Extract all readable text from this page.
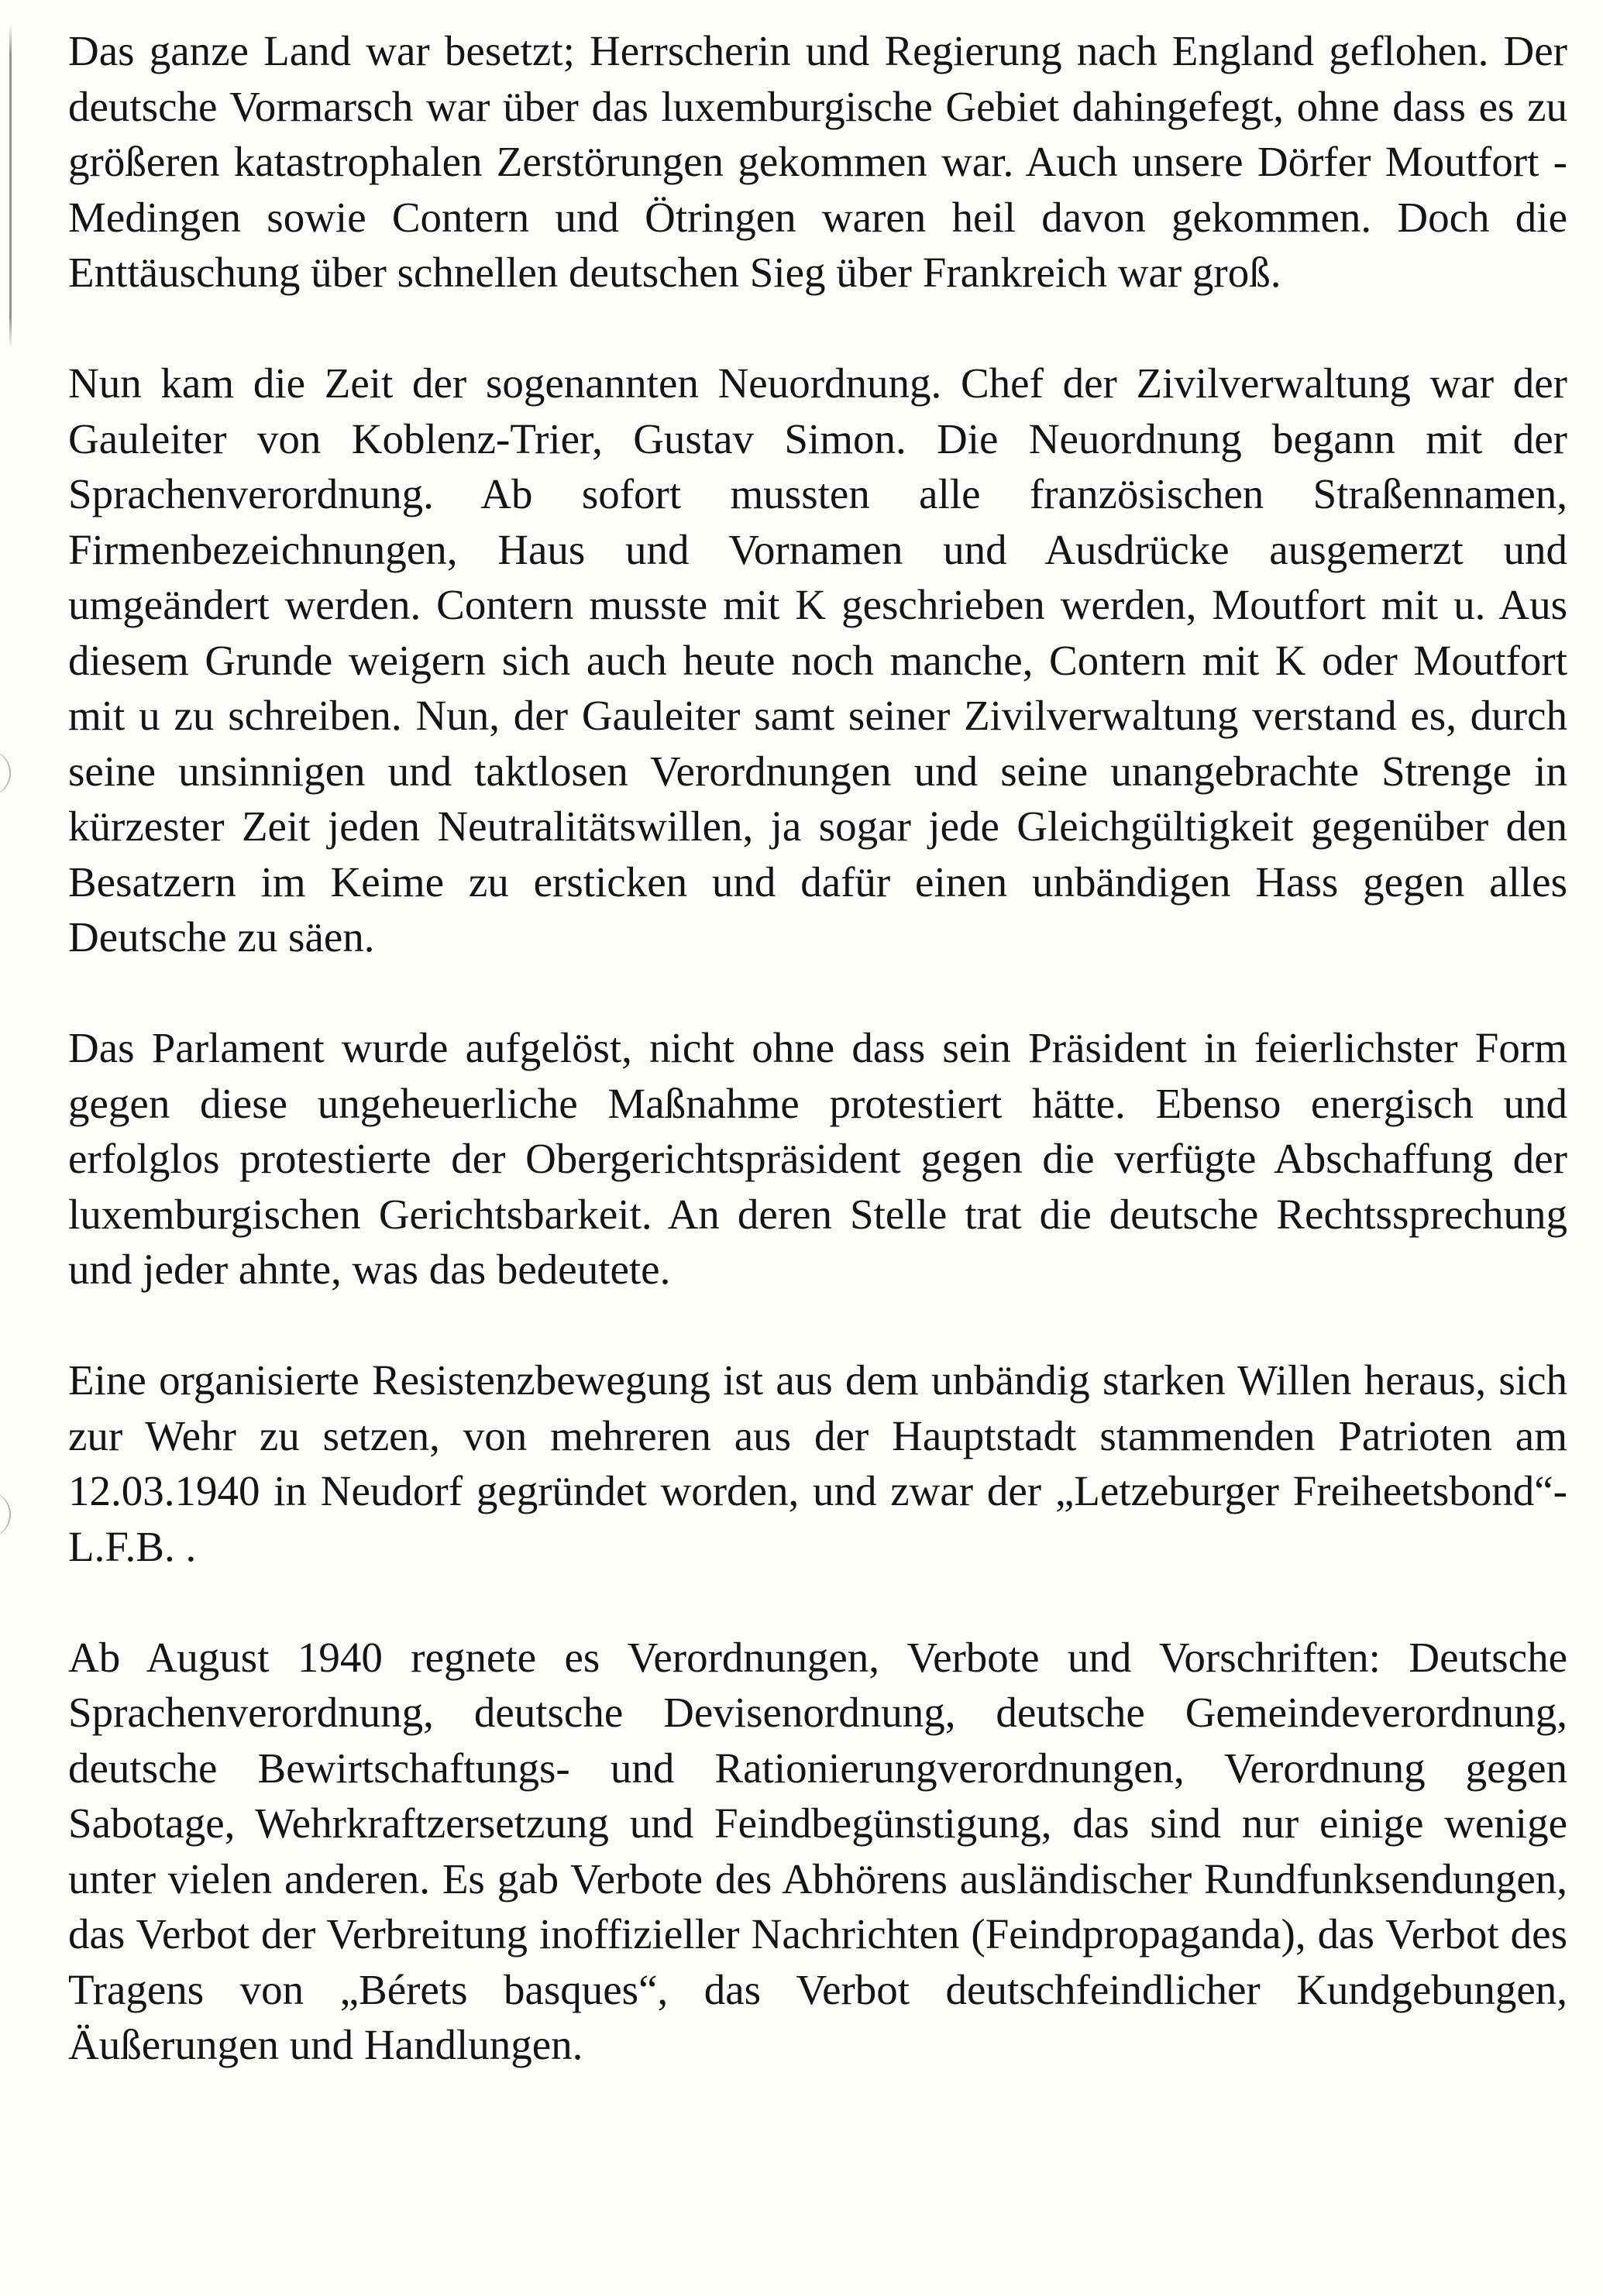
Das ganze Land war besetzt; Herrscherin und Regierung nach England geflohen. Der deutsche Vormarsch war über das luxemburgische Gebiet dahingefegt, ohne dass es zu größeren katastrophalen Zerstörungen gekommen war. Auch unsere Dörfer Moutfort - Medingen sowie Contern und Ötringen waren heil davon gekommen. Doch die Enttäuschung über schnellen deutschen Sieg über Frankreich war groß.

Nun kam die Zeit der sogenannten Neuordnung. Chef der Zivilverwaltung war der Gauleiter von Koblenz-Trier, Gustav Simon. Die Neuordnung begann mit der Sprachenverordnung. Ab sofort mussten alle französischen Straßennamen, Firmenbezeichnungen, Haus und Vornamen und Ausdrücke ausgemerzt und umgeändert werden. Contern musste mit K geschrieben werden, Moutfort mit u. Aus diesem Grunde weigern sich auch heute noch manche, Contern mit K oder Moutfort mit u zu schreiben. Nun, der Gauleiter samt seiner Zivilverwaltung verstand es, durch seine unsinnigen und taktlosen Verordnungen und seine unangebrachte Strenge in kürzester Zeit jeden Neutralitätswillen, ja sogar jede Gleichgültigkeit gegenüber den Besatzern im Keime zu ersticken und dafür einen unbändigen Hass gegen alles Deutsche zu säen.

Das Parlament wurde aufgelöst, nicht ohne dass sein Präsident in feierlichster Form gegen diese ungeheuerliche Maßnahme protestiert hätte. Ebenso energisch und erfolglos protestierte der Obergerichtspräsident gegen die verfügte Abschaffung der luxemburgischen Gerichtsbarkeit. An deren Stelle trat die deutsche Rechtssprechung und jeder ahnte, was das bedeutete.

Eine organisierte Resistenzbewegung ist aus dem unbändig starken Willen heraus, sich zur Wehr zu setzen, von mehreren aus der Hauptstadt stammenden Patrioten am 12.03.1940 in Neudorf gegründet worden, und zwar der „Letzeburger Freiheetsbond“-L.F.B. .

Ab August 1940 regnete es Verordnungen, Verbote und Vorschriften: Deutsche Sprachenverordnung, deutsche Devisenordnung, deutsche Gemeindeverordnung, deutsche Bewirtschaftungs- und Rationierungverordnungen, Verordnung gegen Sabotage, Wehrkraftzersetzung und Feindbegünstigung, das sind nur einige wenige unter vielen anderen. Es gab Verbote des Abhörens ausländischer Rundfunksendungen, das Verbot der Verbreitung inoffizieller Nachrichten (Feindpropaganda), das Verbot des Tragens von „Bérets basques“, das Verbot deutschfeindlicher Kundgebungen, Äußerungen und Handlungen.
